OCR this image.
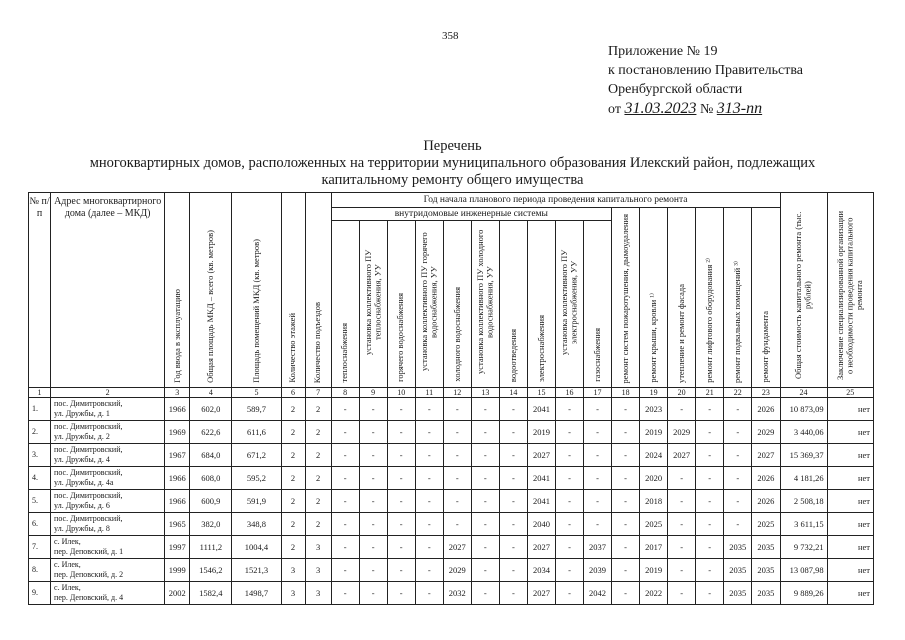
358
Приложение № 19
к постановлению Правительства
Оренбургской области
от 31.03.2023 № 313-пп
Перечень
многоквартирных домов, расположенных на территории муниципального образования Илекский район, подлежащих
капитальному ремонту общего имущества
№ п/п	Адрес многоквартирного дома (далее – МКД)	Год ввода в эксплуатацию	Общая площадь МКД – всего (кв. метров)	Площадь помещений МКД (кв. метров)	Количество этажей	Количество подъездов	Год начала планового периода проведения капитального ремонта																Общая стоимость капитального ремонта (тыс. рублей)	Заключение специализированной организации о необходимости проведения капитального ремонта

							внутридомовые инженерные системы										ремонт систем пожаротушения, дымоудаления	ремонт крыши, кровли ¹⁾	утепление и ремонт фасада	ремонт лифтового оборудования ²⁾	ремонт подвальных помещений ³⁾	ремонт фундамента		

							теплоснабжения	установка коллективного ПУ теплоснабжения, УУ	горячего водоснабжения	установка коллективного ПУ горячего водоснабжения, УУ	холодного водоснабжения	установка коллективного ПУ холодного водоснабжения, УУ	водоотведения	электроснабжения	установка коллективного ПУ электроснабжения, УУ	газоснабжения								

1	2	3	4	5	6	7	8	9	10	11	12	13	14	15	16	17	18	19	20	21	22	23	24	25
1.	пос. Димитровский,
ул. Дружбы, д. 1	1966	602,0	589,7	2	2	-	-	-	-	-	-	-	2041	-	-	-	2023	-	-	-	2026	10 873,09	нет
2.	пос. Димитровский,
ул. Дружбы, д. 2	1969	622,6	611,6	2	2	-	-	-	-	-	-	-	2019	-	-	-	2019	2029	-	-	2029	3 440,06	нет
3.	пос. Димитровский,
ул. Дружбы, д. 4	1967	684,0	671,2	2	2	-	-	-	-	-	-	-	2027	-	-	-	2024	2027	-	-	2027	15 369,37	нет
4.	пос. Димитровский,
ул. Дружбы, д. 4а	1966	608,0	595,2	2	2	-	-	-	-	-	-	-	2041	-	-	-	2020	-	-	-	2026	4 181,26	нет
5.	пос. Димитровский,
ул. Дружбы, д. 6	1966	600,9	591,9	2	2	-	-	-	-	-	-	-	2041	-	-	-	2018	-	-	-	2026	2 508,18	нет
6.	пос. Димитровский,
ул. Дружбы, д. 8	1965	382,0	348,8	2	2	-	-	-	-	-	-	-	2040	-	-	-	2025	-	-	-	2025	3 611,15	нет
7.	с. Илек,
пер. Деповский, д. 1	1997	1111,2	1004,4	2	3	-	-	-	-	2027	-	-	2027	-	2037	-	2017	-	-	2035	2035	9 732,21	нет
8.	с. Илек,
пер. Деповский, д. 2	1999	1546,2	1521,3	3	3	-	-	-	-	2029	-	-	2034	-	2039	-	2019	-	-	2035	2035	13 087,98	нет
9.	с. Илек,
пер. Деповский, д. 4	2002	1582,4	1498,7	3	3	-	-	-	-	2032	-	-	2027	-	2042	-	2022	-	-	2035	2035	9 889,26	нет
